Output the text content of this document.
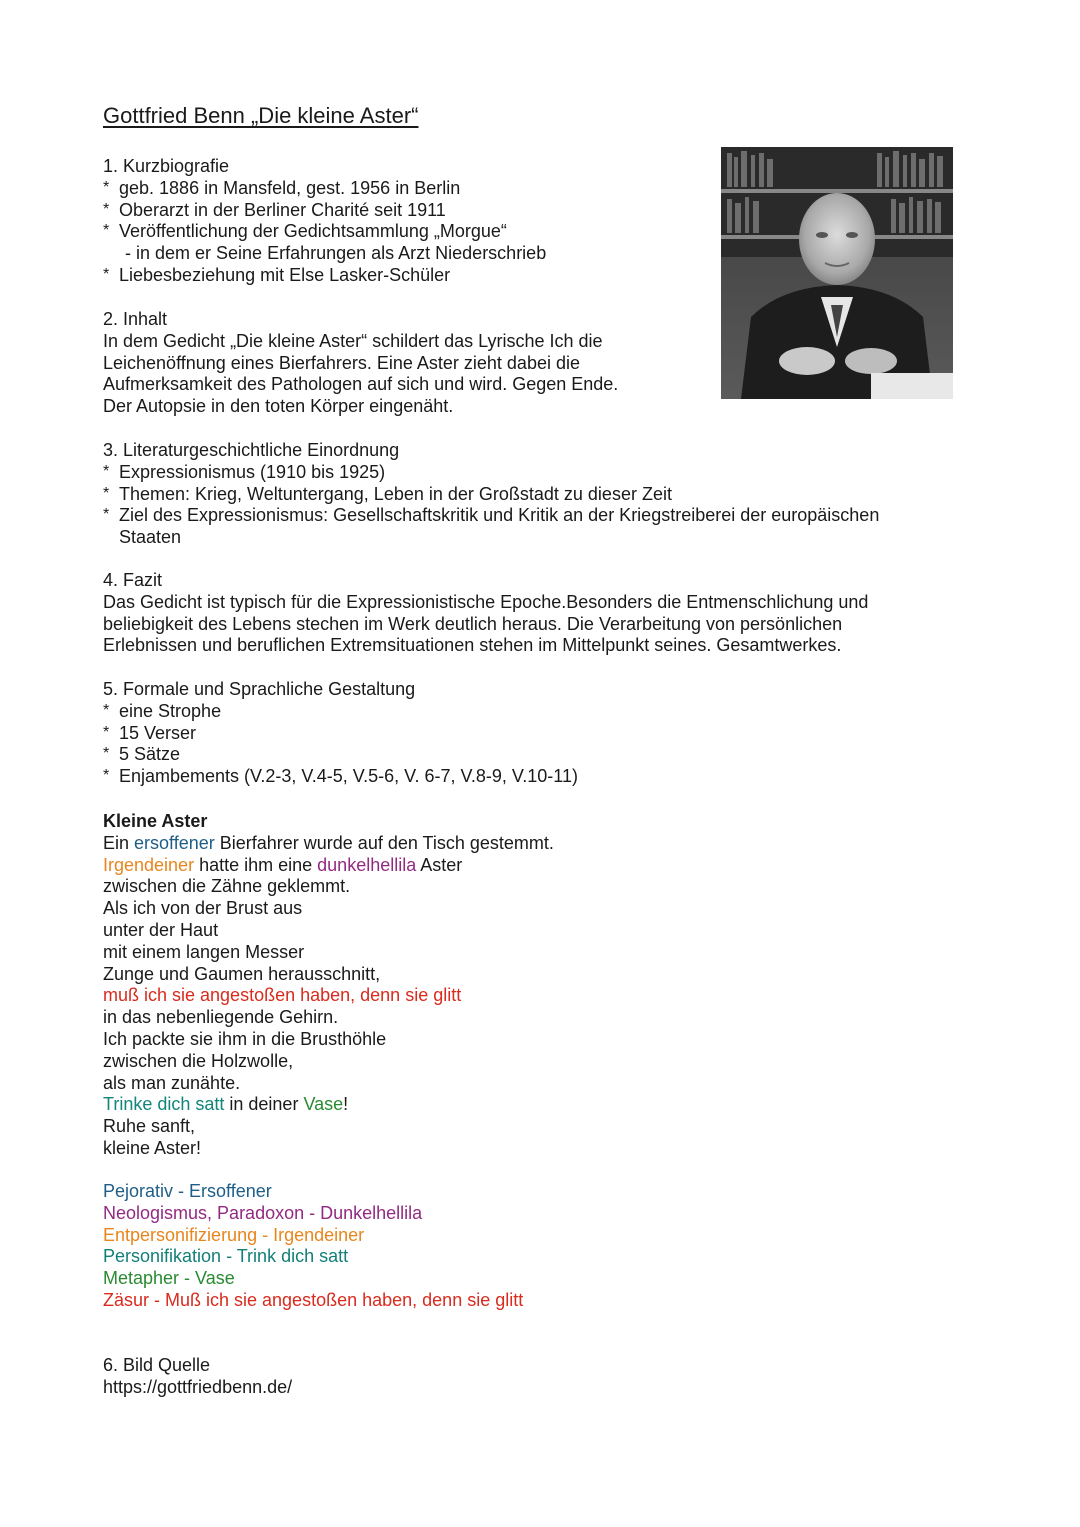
Gottfried Benn „Die kleine Aster“
1. Kurzbiografie
* geb. 1886 in Mansfeld, gest. 1956 in Berlin
* Oberarzt in der Berliner Charité seit 1911
* Veröffentlichung der Gedichtsammlung „Morgue“
- in dem er Seine Erfahrungen als Arzt Niederschrieb
* Liebesbeziehung mit Else Lasker-Schüler
2. Inhalt
In dem Gedicht „Die kleine Aster“ schildert das Lyrische Ich die
Leichenöffnung eines Bierfahrers. Eine Aster zieht dabei die
Aufmerksamkeit des Pathologen auf sich und wird. Gegen Ende.
Der Autopsie in den toten Körper eingenäht.
3. Literaturgeschichtliche Einordnung
* Expressionismus (1910 bis 1925)
* Themen: Krieg, Weltuntergang, Leben in der Großstadt zu dieser Zeit
* Ziel des Expressionismus: Gesellschaftskritik und Kritik an der Kriegstreiberei der europäischen
Staaten
4. Fazit
Das Gedicht ist typisch für die Expressionistische Epoche.Besonders die Entmenschlichung und
beliebigkeit des Lebens stechen im Werk deutlich heraus. Die Verarbeitung von persönlichen
Erlebnissen und beruflichen Extremsituationen stehen im Mittelpunkt seines. Gesamtwerkes.
5. Formale und Sprachliche Gestaltung
* eine Strophe
* 15 Verser
* 5 Sätze
* Enjambements (V.2-3, V.4-5, V.5-6, V. 6-7, V.8-9, V.10-11)
Kleine Aster
Ein ersoffener Bierfahrer wurde auf den Tisch gestemmt.
Irgendeiner hatte ihm eine dunkelhellila Aster
zwischen die Zähne geklemmt.
Als ich von der Brust aus
unter der Haut
mit einem langen Messer
Zunge und Gaumen herausschnitt,
muß ich sie angestoßen haben, denn sie glitt
in das nebenliegende Gehirn.
Ich packte sie ihm in die Brusthöhle
zwischen die Holzwolle,
als man zunähte.
Trinke dich satt in deiner Vase!
Ruhe sanft,
kleine Aster!
Pejorativ - Ersoffener
Neologismus, Paradoxon - Dunkelhellila
Entpersonifizierung - Irgendeiner
Personifikation - Trink dich satt
Metapher - Vase
Zäsur - Muß ich sie angestoßen haben, denn sie glitt
6. Bild Quelle
https://gottfriedbenn.de/
